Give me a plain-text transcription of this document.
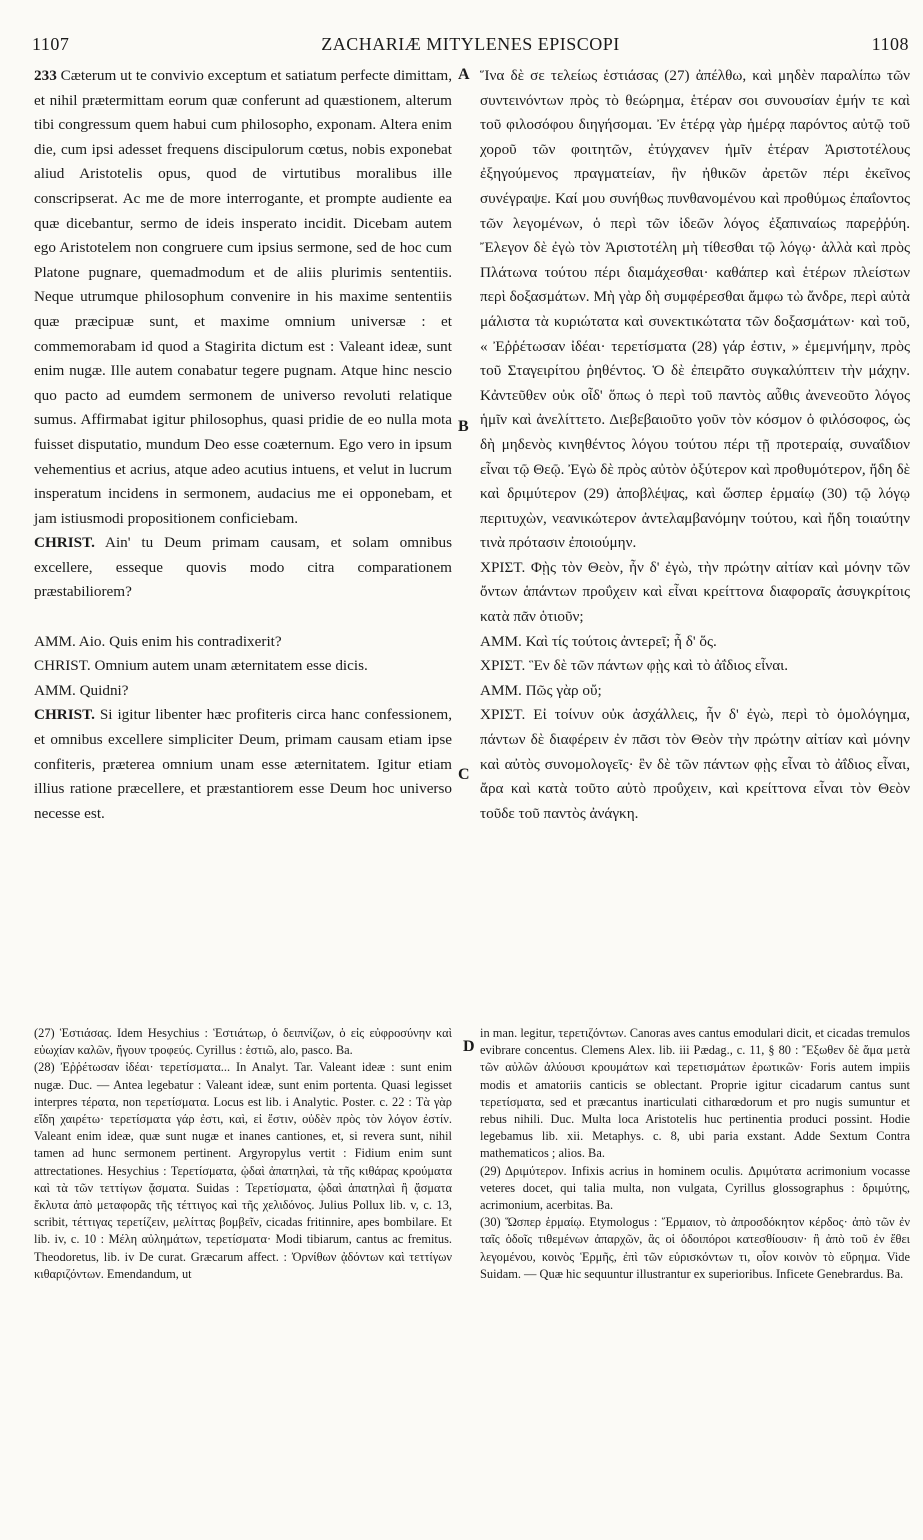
1107	ZACHARIÆ MITYLENES EPISCOPI	1108
A
B
C
D

233 Cæterum ut te convivio exceptum et satiatum perfecte dimittam, et nihil prætermittam eorum quæ conferunt ad quæstionem, alterum tibi congressum quem habui cum philosopho, exponam. Altera enim die, cum ipsi adesset frequens discipulorum cœtus, nobis exponebat aliud Aristotelis opus, quod de virtutibus moralibus ille conscripserat. Ac me de more interrogante, et prompte audiente ea quæ dicebantur, sermo de ideis insperato incidit. Dicebam autem ego Aristotelem non congruere cum ipsius sermone, sed de hoc cum Platone pugnare, quemadmodum et de aliis plurimis sententiis. Neque utrumque philosophum convenire in his maxime sententiis quæ præcipuæ sunt, et maxime omnium universæ : et commemorabam id quod a Stagirita dictum est : Valeant ideæ, sunt enim nugæ. Ille autem conabatur tegere pugnam. Atque hinc nescio quo pacto ad eumdem sermonem de universo revoluti relatique sumus. Affirmabat igitur philosophus, quasi pridie de eo nulla mota fuisset disputatio, mundum Deo esse coæternum. Ego vero in ipsum vehementius et acrius, atque adeo acutius intuens, et velut in lucrum insperatum incidens in sermonem, audacius me ei opponebam, et jam istiusmodi propositionem conficiebam.

CHRIST. Ain' tu Deum primam causam, et solam omnibus excellere, esseque quovis modo citra comparationem præstabiliorem?

AMM. Aio. Quis enim his contradixerit?

CHRIST. Omnium autem unam æternitatem esse dicis.

AMM. Quidni?

CHRIST. Si igitur libenter hæc profiteris circa hanc confessionem, et omnibus excellere simpliciter Deum, primam causam etiam ipse confiteris, præterea omnium unam esse æternitatem. Igitur etiam illius ratione præcellere, et præstantiorem esse Deum hoc universo necesse est.

Ἵνα δὲ σε τελείως ἑστιάσας (27) ἀπέλθω, καὶ μηδὲν παραλίπω τῶν συντεινόντων πρὸς τὸ θεώρημα, ἑτέραν σοι συνουσίαν ἐμήν τε καὶ τοῦ φιλοσόφου διηγήσομαι. Ἐν ἑτέρᾳ γὰρ ἡμέρᾳ παρόντος αὐτῷ τοῦ χοροῦ τῶν φοιτητῶν, ἐτύγχανεν ἡμῖν ἑτέραν Ἀριστοτέλους ἐξηγούμενος πραγματείαν, ἣν ἠθικῶν ἀρετῶν πέρι ἐκεῖνος συνέγραψε. Καί μου συνήθως πυνθανομένου καὶ προθύμως ἐπαΐοντος τῶν λεγομένων, ὁ περὶ τῶν ἰδεῶν λόγος ἐξαπιναίως παρεῤῥύη. Ἔλεγον δὲ ἐγὼ τὸν Ἀριστοτέλη μὴ τίθεσθαι τῷ λόγῳ· ἀλλὰ καὶ πρὸς Πλάτωνα τούτου πέρι διαμάχεσθαι· καθάπερ καὶ ἑτέρων πλείστων περὶ δοξασμάτων. Μὴ γὰρ δὴ συμφέρεσθαι ἄμφω τὼ ἄνδρε, περὶ αὐτὰ μάλιστα τὰ κυριώτατα καὶ συνεκτικώτατα τῶν δοξασμάτων· καὶ τοῦ, « Ἐῤῥέτωσαν ἰδέαι· τερετίσματα (28) γάρ ἐστιν, » ἐμεμνήμην, πρὸς τοῦ Σταγειρίτου ῥηθέντος. Ὁ δὲ ἐπειρᾶτο συγκαλύπτειν τὴν μάχην. Κἀντεῦθεν οὐκ οἶδ' ὅπως ὁ περὶ τοῦ παντὸς αὖθις ἀνενεοῦτο λόγος ἡμῖν καὶ ἀνελίττετο. Διεβεβαιοῦτο γοῦν τὸν κόσμον ὁ φιλόσοφος, ὡς δὴ μηδενὸς κινηθέντος λόγου τούτου πέρι τῇ προτεραίᾳ, συναΐδιον εἶναι τῷ Θεῷ. Ἐγὼ δὲ πρὸς αὐτὸν ὀξύτερον καὶ προθυμότερον, ἤδη δὲ καὶ δριμύτερον (29) ἀποβλέψας, καὶ ὥσπερ ἑρμαίῳ (30) τῷ λόγῳ περιτυχὼν, νεανικώτερον ἀντελαμβανόμην τούτου, καὶ ἤδη τοιαύτην τινὰ πρότασιν ἐποιούμην.

ΧΡΙΣΤ. Φῂς τὸν Θεὸν, ἦν δ' ἐγὼ, τὴν πρώτην αἰτίαν καὶ μόνην τῶν ὄντων ἁπάντων προΰχειν καὶ εἶναι κρείττονα διαφοραῖς ἀσυγκρίτοις κατὰ πᾶν ὁτιοῦν;

ΑΜΜ. Καὶ τίς τούτοις ἀντερεῖ; ἦ δ' ὅς.

ΧΡΙΣΤ. Ἓν δὲ τῶν πάντων φῂς καὶ τὸ ἀΐδιος εἶναι.

ΑΜΜ. Πῶς γὰρ οὔ;

ΧΡΙΣΤ. Εἰ τοίνυν οὐκ ἀσχάλλεις, ἦν δ' ἐγὼ, περὶ τὸ ὁμολόγημα, πάντων δὲ διαφέρειν ἐν πᾶσι τὸν Θεὸν τὴν πρώτην αἰτίαν καὶ μόνην καὶ αὐτὸς συνομολογεῖς· ἓν δὲ τῶν πάντων φῂς εἶναι τὸ ἀΐδιος εἶναι, ἄρα καὶ κατὰ τοῦτο αὐτὸ προΰχειν, καὶ κρείττονα εἶναι τὸν Θεὸν τοῦδε τοῦ παντὸς ἀνάγκη.

(27) Ἑστιάσας. Idem Hesychius : Ἑστιάτωρ, ὁ δειπνίζων, ὁ εἰς εὐφροσύνην καὶ εὐωχίαν καλῶν, ἤγουν τροφεύς. Cyrillus : ἑστιῶ, alo, pasco. Ba.

(28) Ἐῤῥέτωσαν ἰδέαι· τερετίσματα... In Analyt. Tar. Valeant ideæ : sunt enim nugæ. Duc. — Antea legebatur : Valeant ideæ, sunt enim portenta. Quasi legisset interpres τέρατα, non τερετίσματα. Locus est lib. i Analytic. Poster. c. 22 : Τὰ γὰρ εἴδη χαιρέτω· τερετίσματα γάρ ἐστι, καὶ, εἰ ἔστιν, οὐδὲν πρὸς τὸν λόγον ἐστίν. Valeant enim ideæ, quæ sunt nugæ et inanes cantiones, et, si revera sunt, nihil tamen ad hunc sermonem pertinent. Argyropylus vertit : Fidium enim sunt attrectationes. Hesychius : Τερετίσματα, ᾠδαὶ ἀπατηλαὶ, τὰ τῆς κιθάρας κρούματα καὶ τὰ τῶν τεττίγων ᾄσματα. Suidas : Τερετίσματα, ᾠδαὶ ἀπατηλαὶ ἢ ᾄσματα ἔκλυτα ἀπὸ μεταφορᾶς τῆς τέττιγος καὶ τῆς χελιδόνος. Julius Pollux lib. v, c. 13, scribit, τέττιγας τερετίζειν, μελίττας βομβεῖν, cicadas fritinnire, apes bombilare. Et lib. iv, c. 10 : Μέλη αὐλημάτων, τερετίσματα· Modi tibiarum, cantus ac fremitus. Theodoretus, lib. iv De curat. Græcarum affect. : Ὀρνίθων ᾀδόντων καὶ τεττίγων κιθαριζόντων. Emendandum, ut

in man. legitur, τερετιζόντων. Canoras aves cantus emodulari dicit, et cicadas tremulos evibrare concentus. Clemens Alex. lib. iii Pædag., c. 11, § 80 : Ἔξωθεν δὲ ἅμα μετὰ τῶν αὐλῶν ἀλύουσι κρουμάτων καὶ τερετισμάτων ἐρωτικῶν· Foris autem impiis modis et amatoriis canticis se oblectant. Proprie igitur cicadarum cantus sunt τερετίσματα, sed et præcantus inarticulati citharœdorum et pro nugis sumuntur et rebus nihili. Duc. Multa loca Aristotelis huc pertinentia produci possint. Hodie legebamus lib. xii. Metaphys. c. 8, ubi paria exstant. Adde Sextum Contra mathematicos ; alios. Ba.

(29) Δριμύτερον. Infixis acrius in hominem oculis. Δριμύτατα acrimonium vocasse veteres docet, qui talia multa, non vulgata, Cyrillus glossographus : δριμύτης, acrimonium, acerbitas. Ba.

(30) Ὥσπερ ἑρμαίῳ. Etymologus : Ἕρμαιον, τὸ ἀπροσδόκητον κέρδος· ἀπὸ τῶν ἐν ταῖς ὁδοῖς τιθεμένων ἀπαρχῶν, ἃς οἱ ὁδοιπόροι κατεσθίουσιν· ἢ ἀπὸ τοῦ ἐν ἔθει λεγομένου, κοινὸς Ἑρμῆς, ἐπὶ τῶν εὑρισκόντων τι, οἷον κοινὸν τὸ εὕρημα. Vide Suidam. — Quæ hic sequuntur illustrantur ex superioribus. Inficete Genebrardus. Ba.
